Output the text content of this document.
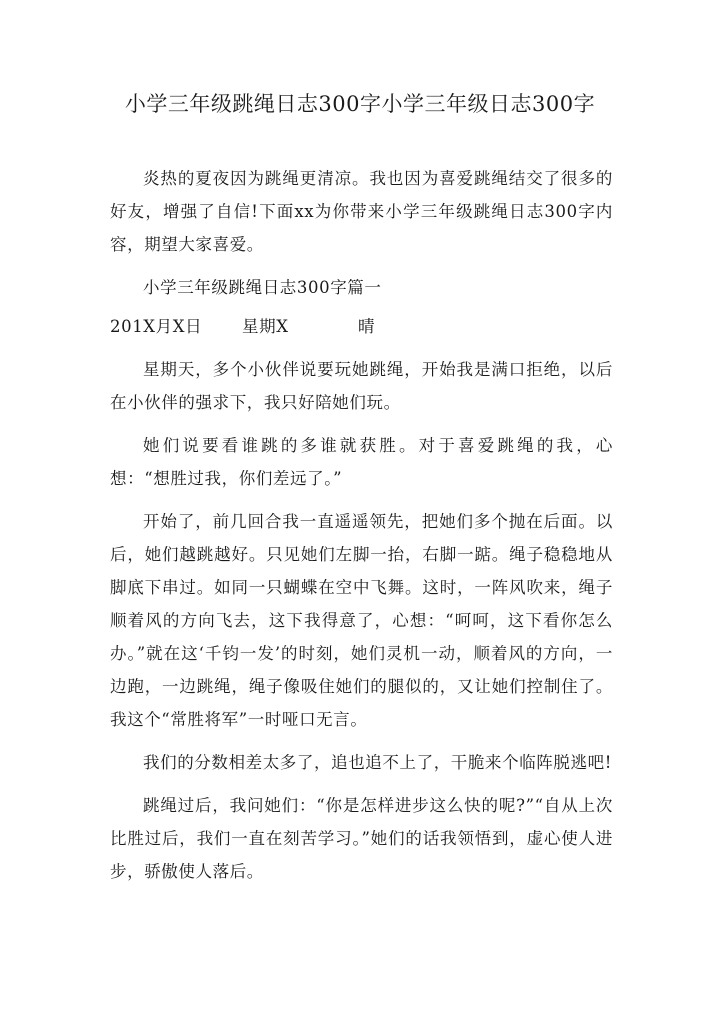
小学三年级跳绳日志300字小学三年级日志300字

炎热的夏夜因为跳绳更清凉。我也因为喜爱跳绳结交了很多的好友，增强了自信!下面xx为你带来小学三年级跳绳日志300字内容，期望大家喜爱。

小学三年级跳绳日志300字篇一

201X月X日 星期X	晴

星期天，多个小伙伴说要玩她跳绳，开始我是满口拒绝，以后在小伙伴的强求下，我只好陪她们玩。

她们说要看谁跳的多谁就获胜。对于喜爱跳绳的我，心想：“想胜过我，你们差远了。”

开始了，前几回合我一直遥遥领先，把她们多个抛在后面。以后，她们越跳越好。只见她们左脚一抬，右脚一踮。绳子稳稳地从脚底下串过。如同一只蝴蝶在空中飞舞。这时，一阵风吹来，绳子顺着风的方向飞去，这下我得意了，心想：“呵呵，这下看你怎么办。”就在这‘千钧一发’的时刻，她们灵机一动，顺着风的方向，一边跑，一边跳绳，绳子像吸住她们的腿似的，又让她们控制住了。我这个“常胜将军”一时哑口无言。

我们的分数相差太多了，追也追不上了，干脆来个临阵脱逃吧!

跳绳过后，我问她们：“你是怎样进步这么快的呢?”“自从上次比胜过后，我们一直在刻苦学习。”她们的话我领悟到，虚心使人进步，骄傲使人落后。
